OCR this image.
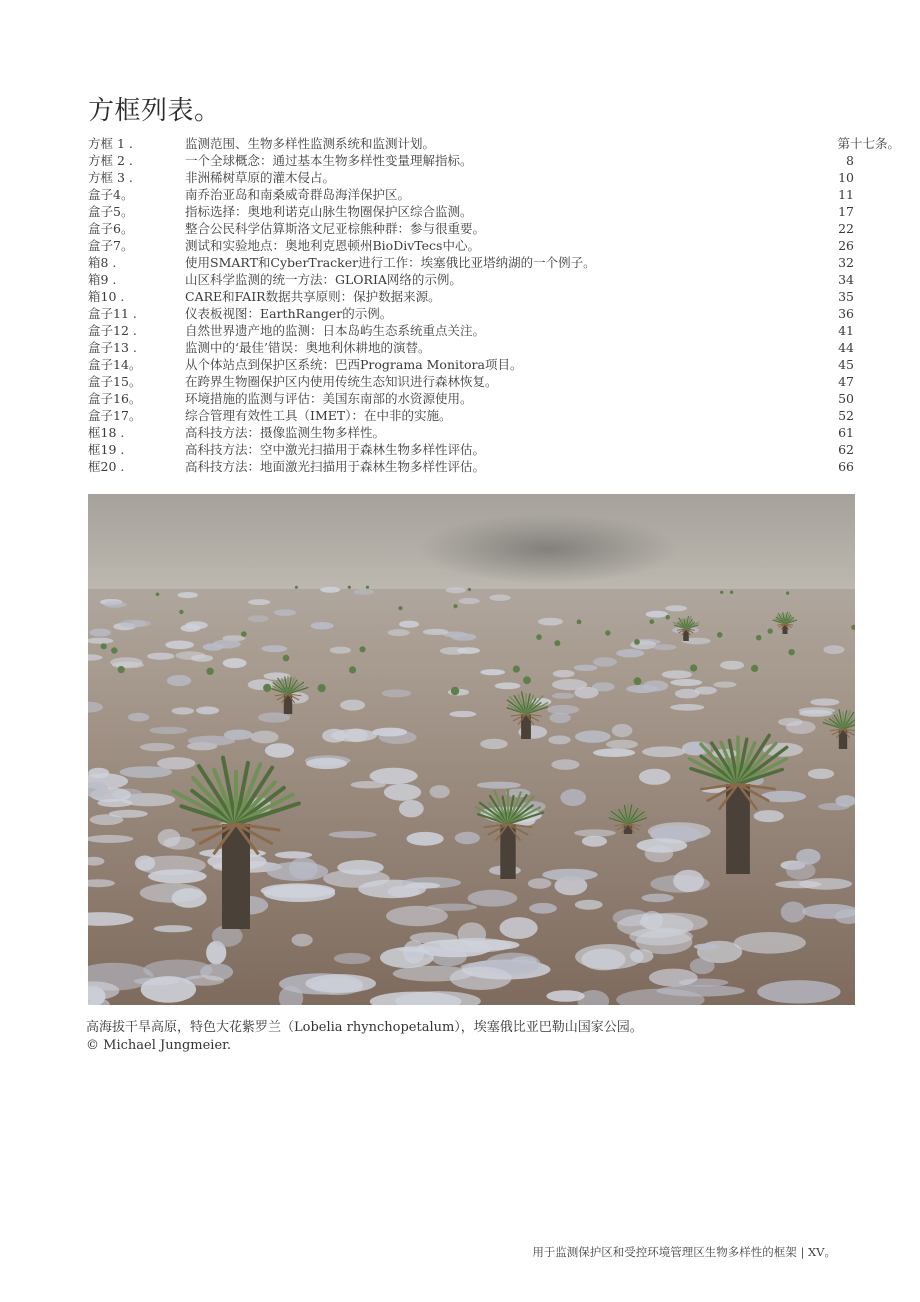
方框列表。
方框 1 .	监测范围、生物多样性监测系统和监测计划。	第十七条。
方框 2 .	一个全球概念：通过基本生物多样性变量理解指标。	8
方框 3 .	非洲稀树草原的灌木侵占。	10
盒子4。	南乔治亚岛和南桑威奇群岛海洋保护区。	11
盒子5。	指标选择：奥地利诺克山脉生物圈保护区综合监测。	17
盒子6。	整合公民科学估算斯洛文尼亚棕熊种群：参与很重要。	22
盒子7。	测试和实验地点：奥地利克恩顿州BioDivTecs中心。	26
箱8 .	使用SMART和CyberTracker进行工作：埃塞俄比亚塔纳湖的一个例子。	32
箱9 .	山区科学监测的统一方法：GLORIA网络的示例。	34
箱10 .	CARE和FAIR数据共享原则：保护数据来源。	35
盒子11 .	仪表板视图：EarthRanger的示例。	36
盒子12 .	自然世界遗产地的监测：日本岛屿生态系统重点关注。	41
盒子13 .	监测中的‘最佳’错误：奥地利休耕地的演替。	44
盒子14。	从个体站点到保护区系统：巴西Programa Monitora项目。	45
盒子15。	在跨界生物圈保护区内使用传统生态知识进行森林恢复。	47
盒子16。	环境措施的监测与评估：美国东南部的水资源使用。	50
盒子17。	综合管理有效性工具（IMET）：在中非的实施。	52
框18 .	高科技方法：摄像监测生物多样性。	61
框19 .	高科技方法：空中激光扫描用于森林生物多样性评估。	62
框20 .	高科技方法：地面激光扫描用于森林生物多样性评估。	66
高海拔干旱高原，特色大花紫罗兰（Lobelia rhynchopetalum），埃塞俄比亚巴勒山国家公园。
© Michael Jungmeier.
用于监测保护区和受控环境管理区生物多样性的框架 | XV。
